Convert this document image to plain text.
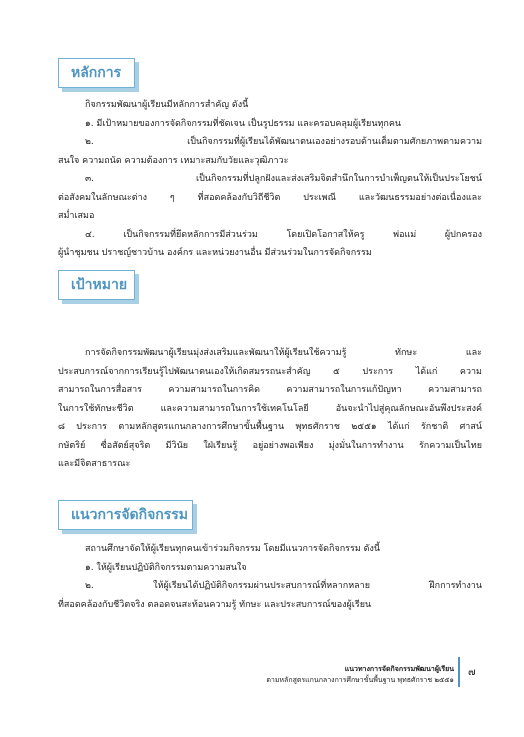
หลักการ
กิจกรรมพัฒนาผู้เรียนมีหลักการสำคัญ ดังนี้
๑. มีเป้าหมายของการจัดกิจกรรมที่ชัดเจน เป็นรูปธรรม และครอบคลุมผู้เรียนทุกคน
๒. เป็นกิจกรรมที่ผู้เรียนได้พัฒนาตนเองอย่างรอบด้านเต็มตามศักยภาพตามความ
สนใจ ความถนัด ความต้องการ เหมาะสมกับวัยและวุฒิภาวะ
๓. เป็นกิจกรรมที่ปลูกฝังและส่งเสริมจิตสำนึกในการบำเพ็ญตนให้เป็นประโยชน์
ต่อสังคมในลักษณะต่าง ๆ ที่สอดคล้องกับวิถีชีวิต ประเพณี และวัฒนธรรมอย่างต่อเนื่องและ
สม่ำเสมอ
๔. เป็นกิจกรรมที่ยึดหลักการมีส่วนร่วม โดยเปิดโอกาสให้ครู พ่อแม่ ผู้ปกครอง
ผู้นำชุมชน ปราชญ์ชาวบ้าน องค์กร และหน่วยงานอื่น มีส่วนร่วมในการจัดกิจกรรม
เป้าหมาย
การจัดกิจกรรมพัฒนาผู้เรียนมุ่งส่งเสริมและพัฒนาให้ผู้เรียนใช้ความรู้ ทักษะ และ
ประสบการณ์จากการเรียนรู้ไปพัฒนาตนเองให้เกิดสมรรถนะสำคัญ ๕ ประการ ได้แก่ ความ
สามารถในการสื่อสาร ความสามารถในการคิด ความสามารถในการแก้ปัญหา ความสามารถ
ในการใช้ทักษะชีวิต และความสามารถในการใช้เทคโนโลยี อันจะนำไปสู่คุณลักษณะอันพึงประสงค์
๘ ประการ ตามหลักสูตรแกนกลางการศึกษาขั้นพื้นฐาน พุทธศักราช ๒๕๕๑ ได้แก่ รักชาติ ศาสน์
กษัตริย์ ซื่อสัตย์สุจริต มีวินัย ใฝ่เรียนรู้ อยู่อย่างพอเพียง มุ่งมั่นในการทำงาน รักความเป็นไทย
และมีจิตสาธารณะ
แนวการจัดกิจกรรม
สถานศึกษาจัดให้ผู้เรียนทุกคนเข้าร่วมกิจกรรม โดยมีแนวการจัดกิจกรรม ดังนี้
๑. ให้ผู้เรียนปฏิบัติกิจกรรมตามความสนใจ
๒. ให้ผู้เรียนได้ปฏิบัติกิจกรรมผ่านประสบการณ์ที่หลากหลาย ฝึกการทำงาน
ที่สอดคล้องกับชีวิตจริง ตลอดจนสะท้อนความรู้ ทักษะ และประสบการณ์ของผู้เรียน
แนวทางการจัดกิจกรรมพัฒนาผู้เรียน
ตามหลักสูตรแกนกลางการศึกษาขั้นพื้นฐาน พุทธศักราช ๒๕๕๑
๗
